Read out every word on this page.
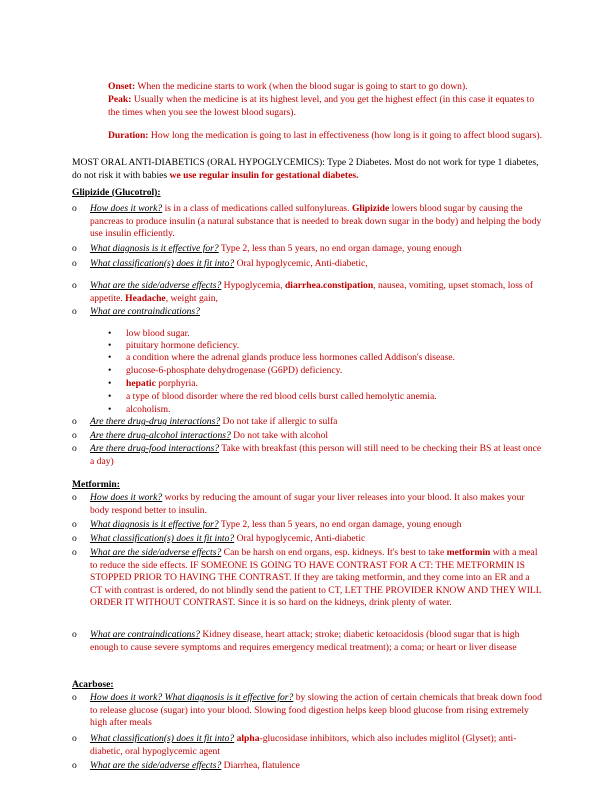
Onset: When the medicine starts to work (when the blood sugar is going to start to go down).
Peak: Usually when the medicine is at its highest level, and you get the highest effect (in this case it equates to the times when you see the lowest blood sugars).
Duration: How long the medication is going to last in effectiveness (how long is it going to affect blood sugars).
MOST ORAL ANTI-DIABETICS (ORAL HYPOGLYCEMICS): Type 2 Diabetes. Most do not work for type 1 diabetes, do not risk it with babies we use regular insulin for gestational diabetes.
Glipizide (Glucotrol):
o	How does it work? is in a class of medications called sulfonylureas. Glipizide lowers blood sugar by causing the pancreas to produce insulin (a natural substance that is needed to break down sugar in the body) and helping the body use insulin efficiently.
o	What diagnosis is it effective for? Type 2, less than 5 years, no end organ damage, young enough
o	What classification(s) does it fit into? Oral hypoglycemic, Anti-diabetic,
o	What are the side/adverse effects? Hypoglycemia, diarrhea.constipation, nausea, vomiting, upset stomach, loss of appetite. Headache, weight gain,
o	What are contraindications?
• low blood sugar.
• pituitary hormone deficiency.
• a condition where the adrenal glands produce less hormones called Addison's disease.
• glucose-6-phosphate dehydrogenase (G6PD) deficiency.
• hepatic porphyria.
• a type of blood disorder where the red blood cells burst called hemolytic anemia.
• alcoholism.
o	Are there drug-drug interactions? Do not take if allergic to sulfa
o	Are there drug-alcohol interactions? Do not take with alcohol
o	Are there drug-food interactions? Take with breakfast (this person will still need to be checking their BS at least once a day)
Metformin:
o	How does it work? works by reducing the amount of sugar your liver releases into your blood. It also makes your body respond better to insulin.
o	What diagnosis is it effective for? Type 2, less than 5 years, no end organ damage, young enough
o	What classification(s) does it fit into? Oral hypoglycemic, Anti-diabetic
o	What are the side/adverse effects? Can be harsh on end organs, esp. kidneys. It's best to take metformin with a meal to reduce the side effects. IF SOMEONE IS GOING TO HAVE CONTRAST FOR A CT: THE METFORMIN IS STOPPED PRIOR TO HAVING THE CONTRAST. If they are taking metformin, and they come into an ER and a CT with contrast is ordered, do not blindly send the patient to CT, LET THE PROVIDER KNOW AND THEY WILL ORDER IT WITHOUT CONTRAST. Since it is so hard on the kidneys, drink plenty of water.
o	What are contraindications? Kidney disease, heart attack; stroke; diabetic ketoacidosis (blood sugar that is high enough to cause severe symptoms and requires emergency medical treatment); a coma; or heart or liver disease
Acarbose:
o	How does it work? What diagnosis is it effective for? by slowing the action of certain chemicals that break down food to release glucose (sugar) into your blood. Slowing food digestion helps keep blood glucose from rising extremely high after meals
o	What classification(s) does it fit into? alpha-glucosidase inhibitors, which also includes miglitol (Glyset); anti-diabetic, oral hypoglycemic agent
o	What are the side/adverse effects? Diarrhea, flatulence
